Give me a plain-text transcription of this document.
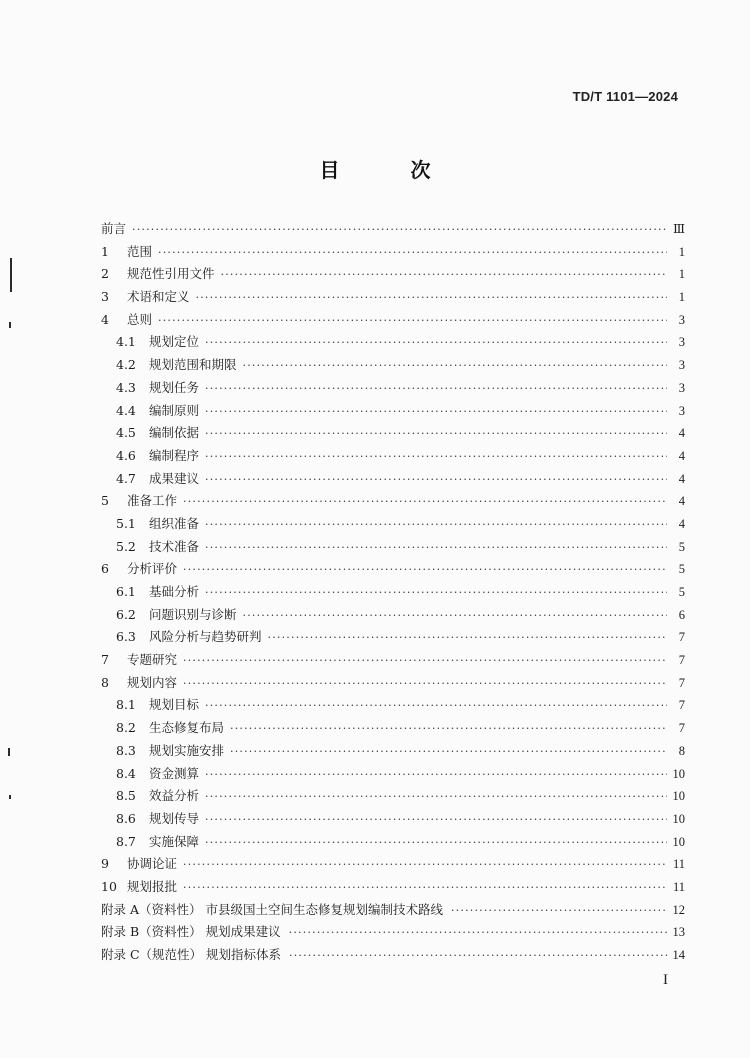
TD/T 1101—2024
目 次
前言 ·····	Ⅲ
1	范围 ·····	1
2	规范性引用文件 ·····	1
3	术语和定义 ·····	1
4	总则 ·····	3
4.1	规划定位 ·····	3
4.2	规划范围和期限 ·····	3
4.3	规划任务 ·····	3
4.4	编制原则 ·····	3
4.5	编制依据 ·····	4
4.6	编制程序 ·····	4
4.7	成果建议 ·····	4
5	准备工作 ·····	4
5.1	组织准备 ·····	4
5.2	技术准备 ·····	5
6	分析评价 ·····	5
6.1	基础分析 ·····	5
6.2	问题识别与诊断 ·····	6
6.3	风险分析与趋势研判 ·····	7
7	专题研究 ·····	7
8	规划内容 ·····	7
8.1	规划目标 ·····	7
8.2	生态修复布局 ·····	7
8.3	规划实施安排 ·····	8
8.4	资金测算 ·····	10
8.5	效益分析 ·····	10
8.6	规划传导 ·····	10
8.7	实施保障 ·····	10
9	协调论证 ·····	11
10 规划报批 ·····	11
附录 A（资料性） 市县级国土空间生态修复规划编制技术路线 ·····	12
附录 B（资料性） 规划成果建议 ·····	13
附录 C（规范性） 规划指标体系 ·····	14
I
